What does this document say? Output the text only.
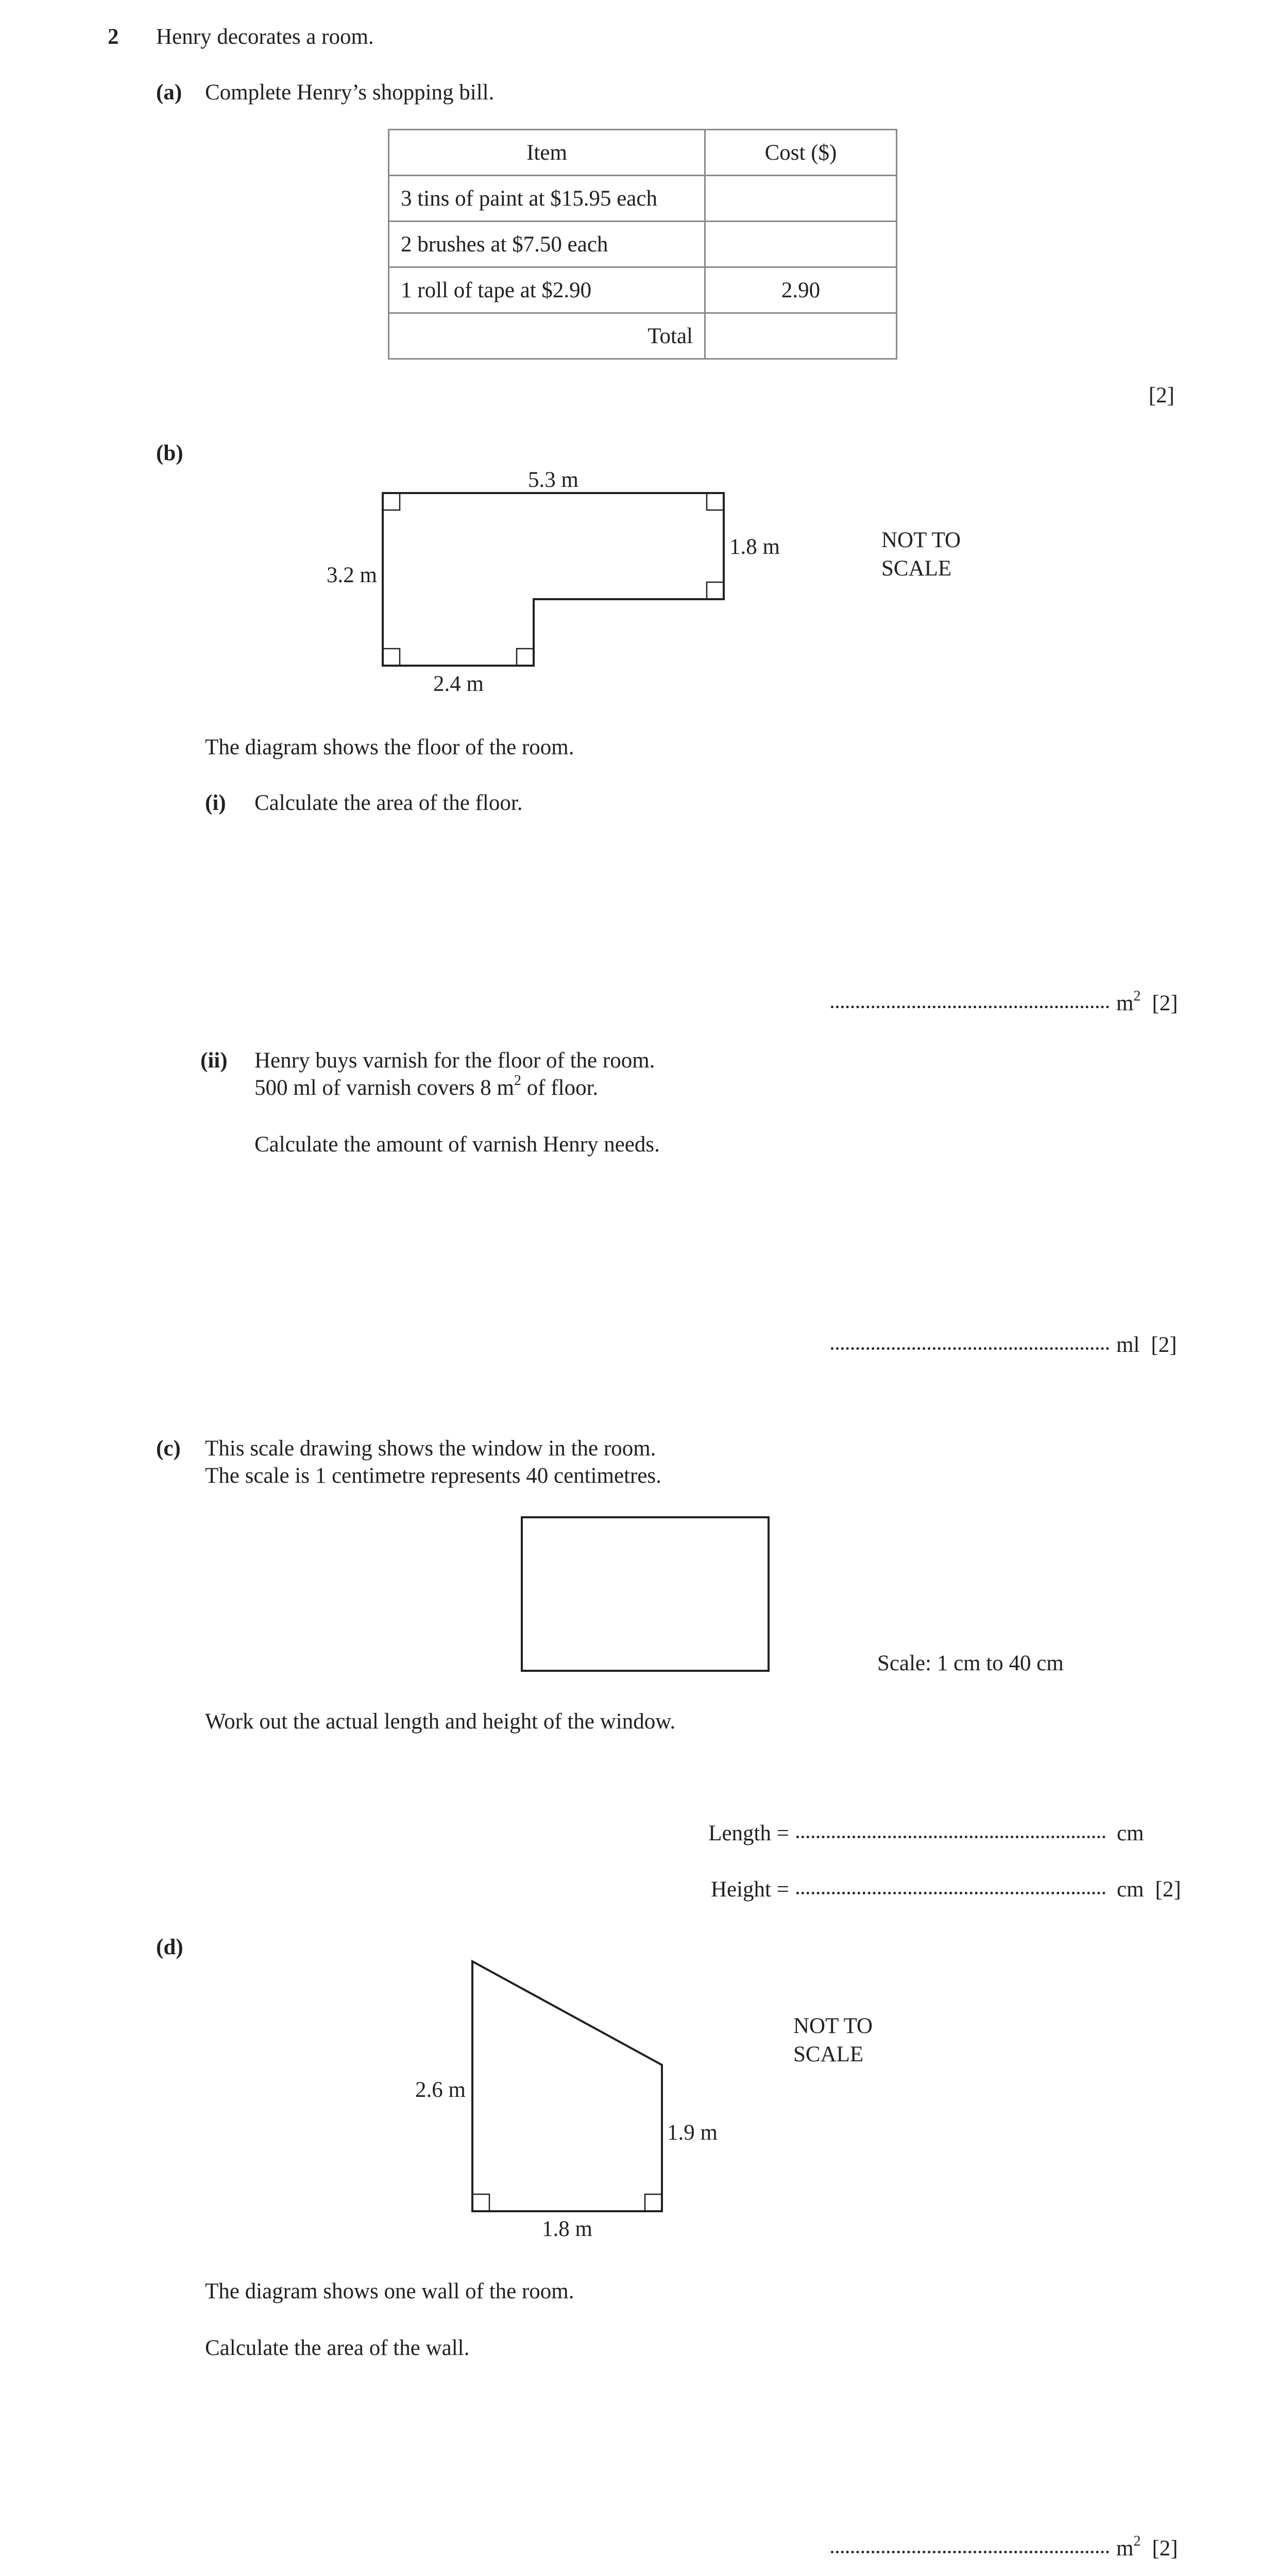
2 Henry decorates a room.
(a) Complete Henry’s shopping bill.
Item	Cost ($)
3 tins of paint at $15.95 each	
2 brushes at $7.50 each	
1 roll of tape at $2.90	2.90
Total	
[2]
(b)
5.3 m
3.2 m
1.8 m
2.4 m
NOT TO
SCALE
The diagram shows the floor of the room.
(i) Calculate the area of the floor.
$m^2$ [2]
(ii) Henry buys varnish for the floor of the room.
500 ml of varnish covers 8 $m^2$ of floor.
Calculate the amount of varnish Henry needs.
ml [2]
(c) This scale drawing shows the window in the room.
The scale is 1 centimetre represents 40 centimetres.
Scale: 1 cm to 40 cm
Work out the actual length and height of the window.
Length =	cm
Height =	cm [2]
(d)
2.6 m
1.9 m
1.8 m
NOT TO
SCALE
The diagram shows one wall of the room.
Calculate the area of the wall.
$m^2$ [2]
